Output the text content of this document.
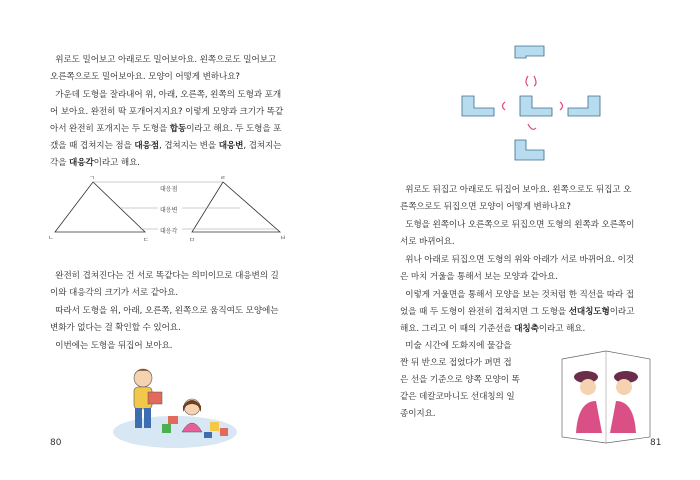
위로도 밀어보고 아래로도 밀어보아요. 왼쪽으로도 밀어보고
오른쪽으로도 밀어보아요. 모양이 어떻게 변하나요?

가운데 도형을 잘라내어 위, 아래, 오른쪽, 왼쪽의 도형과 포개
어 보아요. 완전히 딱 포개어지지요? 이렇게 모양과 크기가 똑같
아서 완전히 포개지는 두 도형을 합동이라고 해요. 두 도형을 포
갰을 때 겹쳐지는 점을 대응점, 겹쳐지는 변을 대응변, 겹쳐지는
각을 대응각이라고 해요.

대응점
대응변
대응각
ㄱ
ㄴ	ㄷ
ㄹ
ㅁ	ㅂ

완전히 겹쳐진다는 건 서로 똑같다는 의미이므로 대응변의 길
이와 대응각의 크기가 서로 같아요.

따라서 도형을 위, 아래, 오른쪽, 왼쪽으로 움직여도 모양에는
변화가 없다는 걸 확인할 수 있어요.

이번에는 도형을 뒤집어 보아요.

80

위로도 뒤집고 아래로도 뒤집어 보아요. 왼쪽으로도 뒤집고 오
른쪽으로도 뒤집으면 모양이 어떻게 변하나요?

도형을 왼쪽이나 오른쪽으로 뒤집으면 도형의 왼쪽과 오른쪽이
서로 바뀌어요.

위나 아래로 뒤집으면 도형의 위와 아래가 서로 바뀌어요. 이것
은 마치 거울을 통해서 보는 모양과 같아요.

이렇게 거울면을 통해서 모양을 보는 것처럼 한 직선을 따라 접
었을 때 두 도형이 완전히 겹쳐지면 그 도형을 선대칭도형이라고
해요. 그리고 이 때의 기준선을 대칭축이라고 해요.

미술 시간에 도화지에 물감을
짠 뒤 반으로 접었다가 펴면 접
은 선을 기준으로 양쪽 모양이 똑
같은 데칼코마니도 선대칭의 일
종이지요.

81
